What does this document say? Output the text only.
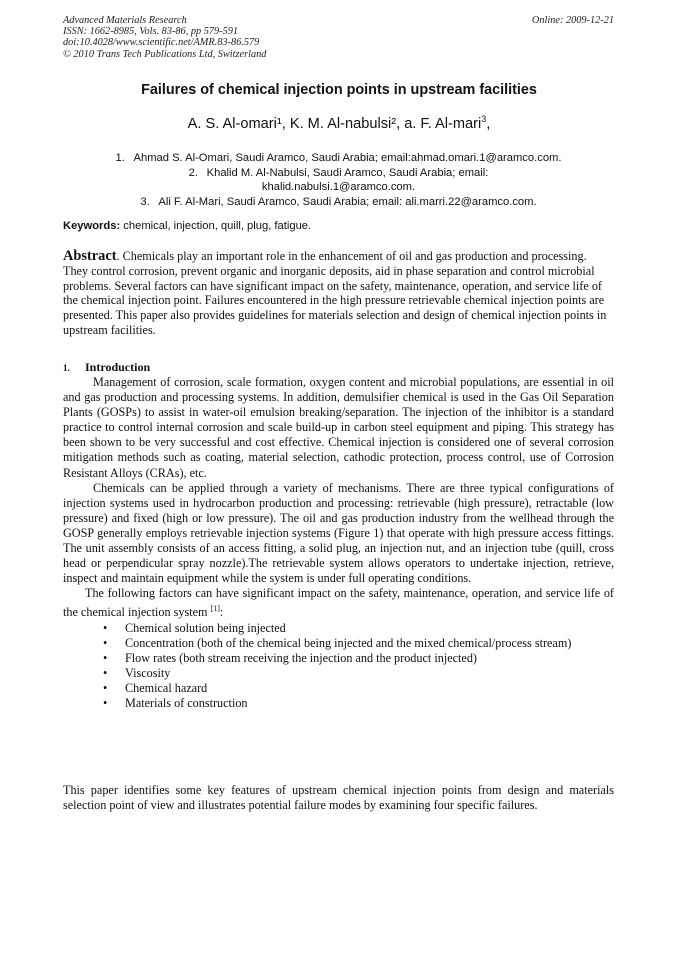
Advanced Materials Research
ISSN: 1662-8985, Vols. 83-86, pp 579-591
doi:10.4028/www.scientific.net/AMR.83-86.579
© 2010 Trans Tech Publications Ltd, Switzerland
Online: 2009-12-21
Failures of chemical injection points in upstream facilities
A. S. Al-omari¹, K. M. Al-nabulsi², a. F. Al-mari$^3$,
1. Ahmad S. Al-Omari, Saudi Aramco, Saudi Arabia; email:ahmad.omari.1@aramco.com.
2. Khalid M. Al-Nabulsi, Saudi Aramco, Saudi Arabia; email:
khalid.nabulsi.1@aramco.com.
3. Ali F. Al-Mari, Saudi Aramco, Saudi Arabia; email: ali.marri.22@aramco.com.
Keywords: chemical, injection, quill, plug, fatigue.
Abstract. Chemicals play an important role in the enhancement of oil and gas production and processing. They control corrosion, prevent organic and inorganic deposits, aid in phase separation and control microbial problems. Several factors can have significant impact on the safety, maintenance, operation, and service life of the chemical injection point. Failures encountered in the high pressure retrievable chemical injection points are presented. This paper also provides guidelines for materials selection and design of chemical injection points in upstream facilities.
1. Introduction

Management of corrosion, scale formation, oxygen content and microbial populations, are essential in oil and gas production and processing systems. In addition, demulsifier chemical is used in the Gas Oil Separation Plants (GOSPs) to assist in water-oil emulsion breaking/separation. The injection of the inhibitor is a standard practice to control internal corrosion and scale build-up in carbon steel equipment and piping. This strategy has been shown to be very successful and cost effective. Chemical injection is considered one of several corrosion mitigation methods such as coating, material selection, cathodic protection, process control, use of Corrosion Resistant Alloys (CRAs), etc.

Chemicals can be applied through a variety of mechanisms. There are three typical configurations of injection systems used in hydrocarbon production and processing: retrievable (high pressure), retractable (low pressure) and fixed (high or low pressure). The oil and gas production industry from the wellhead through the GOSP generally employs retrievable injection systems (Figure 1) that operate with high pressure access fittings. The unit assembly consists of an access fitting, a solid plug, an injection nut, and an injection tube (quill, cross head or perpendicular spray nozzle).The retrievable system allows operators to undertake injection, retrieve, inspect and maintain equipment while the system is under full operating conditions.

The following factors can have significant impact on the safety, maintenance, operation, and service life of the chemical injection system [1]:

• Chemical solution being injected
• Concentration (both of the chemical being injected and the mixed chemical/process stream)
• Flow rates (both stream receiving the injection and the product injected)
• Viscosity
• Chemical hazard
• Materials of construction
This paper identifies some key features of upstream chemical injection points from design and materials selection point of view and illustrates potential failure modes by examining four specific failures.
